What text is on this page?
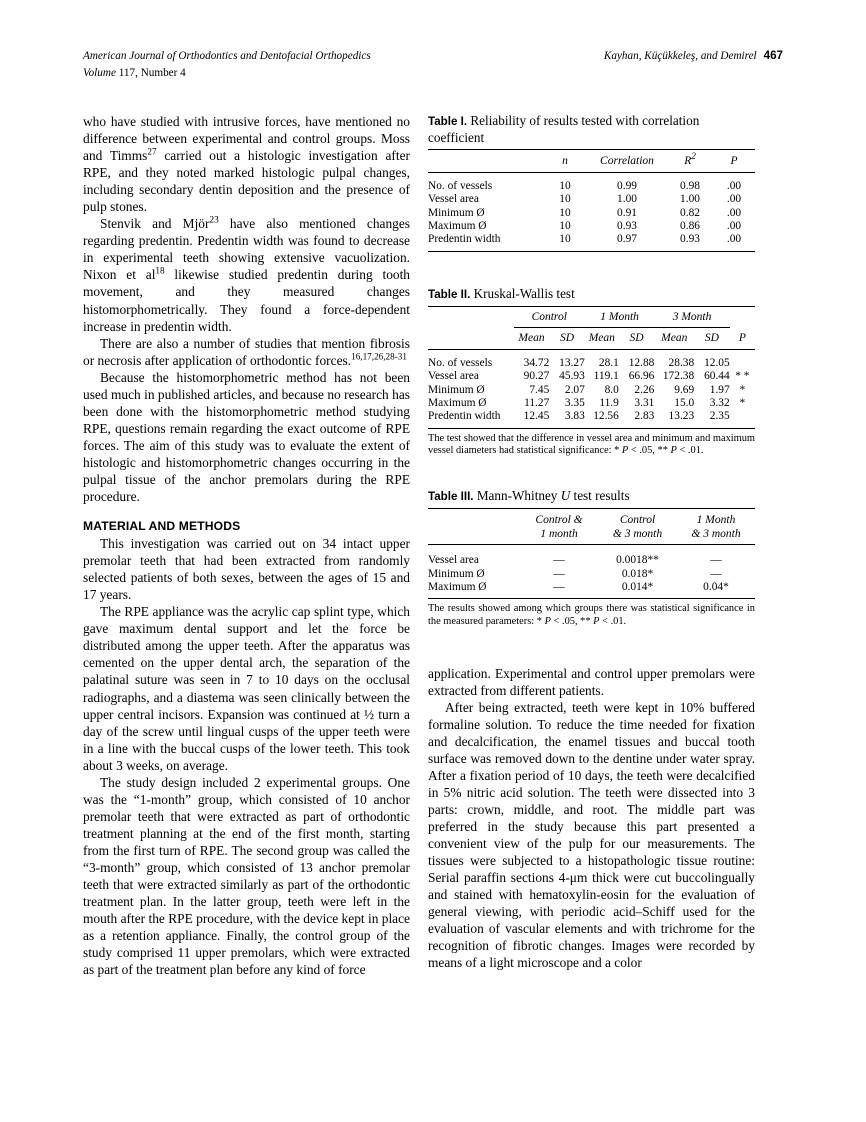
American Journal of Orthodontics and Dentofacial Orthopedics	Kayhan, Küçükkeleş, and Demirel 467
Volume 117, Number 4

who have studied with intrusive forces, have mentioned no difference between experimental and control groups. Moss and Timms$^{27}$ carried out a histologic investigation after RPE, and they noted marked histologic pulpal changes, including secondary dentin deposition and the presence of pulp stones.

Stenvik and Mjör$^{23}$ have also mentioned changes regarding predentin. Predentin width was found to decrease in experimental teeth showing extensive vacuolization. Nixon et $al^{18}$ likewise studied predentin during tooth movement, and they measured changes histomorphometrically. They found a force-dependent increase in predentin width.

There are also a number of studies that mention fibrosis or necrosis after application of orthodontic forces.$^{16,17,26,28-31}$

Because the histomorphometric method has not been used much in published articles, and because no research has been done with the histomorphometric method studying RPE, questions remain regarding the exact outcome of RPE forces. The aim of this study was to evaluate the extent of histologic and histomorphometric changes occurring in the pulpal tissue of the anchor premolars during the RPE procedure.

MATERIAL AND METHODS

This investigation was carried out on 34 intact upper premolar teeth that had been extracted from randomly selected patients of both sexes, between the ages of 15 and 17 years.

The RPE appliance was the acrylic cap splint type, which gave maximum dental support and let the force be distributed among the upper teeth. After the apparatus was cemented on the upper dental arch, the separation of the palatinal suture was seen in 7 to 10 days on the occlusal radiographs, and a diastema was seen clinically between the upper central incisors. Expansion was continued at ½ turn a day of the screw until lingual cusps of the upper teeth were in a line with the buccal cusps of the lower teeth. This took about 3 weeks, on average.

The study design included 2 experimental groups. One was the “1-month” group, which consisted of 10 anchor premolar teeth that were extracted as part of orthodontic treatment planning at the end of the first month, starting from the first turn of RPE. The second group was called the “3-month” group, which consisted of 13 anchor premolar teeth that were extracted similarly as part of the orthodontic treatment plan. In the latter group, teeth were left in the mouth after the RPE procedure, with the device kept in place as a retention appliance. Finally, the control group of the study comprised 11 upper premolars, which were extracted as part of the treatment plan before any kind of force

Table I. Reliability of results tested with correlation coefficient

	n	Correlation	$R^2$	P

No. of vessels	10	0.99	0.98	.00
Vessel area	10	1.00	1.00	.00
Minimum Ø	10	0.91	0.82	.00
Maximum Ø	10	0.93	0.86	.00
Predentin width	10	0.97	0.93	.00

Table II. Kruskal-Wallis test

	Control		1 Month		3 Month		

	Mean	SD	Mean	SD	Mean	SD	P

No. of vessels	34.72	13.27	28.1	12.88	28.38	12.05	
Vessel area	90.27	45.93	119.1	66.96	172.38	60.44	* *
Minimum Ø	7.45	2.07	8.0	2.26	9.69	1.97	*
Maximum Ø	11.27	3.35	11.9	3.31	15.0	3.32	*
Predentin width	12.45	3.83	12.56	2.83	13.23	2.35	

The test showed that the difference in vessel area and minimum and maximum vessel diameters had statistical significance: * P < .05, ** P < .01.
Table III. Mann-Whitney U test results

	Control &	Control	1 Month
	1 month	& 3 month	& 3 month

Vessel area	—	0.0018**	—
Minimum Ø	—	0.018*	—
Maximum Ø	—	0.014*	0.04*

The results showed among which groups there was statistical significance in the measured parameters: * P < .05, ** P < .01.

application. Experimental and control upper premolars were extracted from different patients.

After being extracted, teeth were kept in 10% buffered formaline solution. To reduce the time needed for fixation and decalcification, the enamel tissues and buccal tooth surface was removed down to the dentine under water spray. After a fixation period of 10 days, the teeth were decalcified in 5% nitric acid solution. The teeth were dissected into 3 parts: crown, middle, and root. The middle part was preferred in the study because this part presented a convenient view of the pulp for our measurements. The tissues were subjected to a histopathologic tissue routine: Serial paraffin sections 4-μm thick were cut buccolingually and stained with hematoxylin-eosin for the evaluation of general viewing, with periodic acid–Schiff used for the evaluation of vascular elements and with trichrome for the recognition of fibrotic changes. Images were recorded by means of a light microscope and a color
